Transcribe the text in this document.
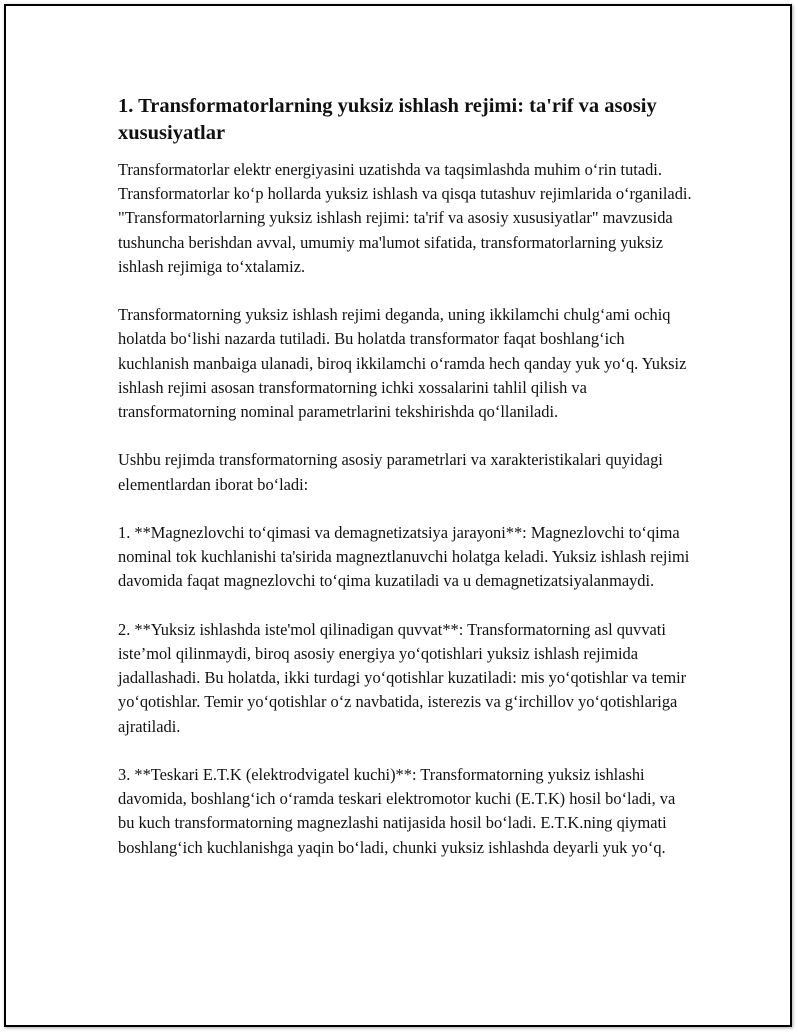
1. Transformatorlarning yuksiz ishlash rejimi: ta'rif va asosiy xususiyatlar

Transformatorlar elektr energiyasini uzatishda va taqsimlashda muhim o‘rin tutadi. Transformatorlar ko‘p hollarda yuksiz ishlash va qisqa tutashuv rejimlarida o‘rganiladi. "Transformatorlarning yuksiz ishlash rejimi: ta'rif va asosiy xususiyatlar" mavzusida tushuncha berishdan avval, umumiy ma'lumot sifatida, transformatorlarning yuksiz ishlash rejimiga to‘xtalamiz.

Transformatorning yuksiz ishlash rejimi deganda, uning ikkilamchi chulg‘ami ochiq holatda bo‘lishi nazarda tutiladi. Bu holatda transformator faqat boshlang‘ich kuchlanish manbaiga ulanadi, biroq ikkilamchi o‘ramda hech qanday yuk yo‘q. Yuksiz ishlash rejimi asosan transformatorning ichki xossalarini tahlil qilish va transformatorning nominal parametrlarini tekshirishda qo‘llaniladi.

Ushbu rejimda transformatorning asosiy parametrlari va xarakteristikalari quyidagi elementlardan iborat bo‘ladi:

1. **Magnezlovchi to‘qimasi va demagnetizatsiya jarayoni**: Magnezlovchi to‘qima nominal tok kuchlanishi ta'sirida magneztlanuvchi holatga keladi. Yuksiz ishlash rejimi davomida faqat magnezlovchi to‘qima kuzatiladi va u demagnetizatsiyalanmaydi.

2. **Yuksiz ishlashda iste'mol qilinadigan quvvat**: Transformatorning asl quvvati iste’mol qilinmaydi, biroq asosiy energiya yo‘qotishlari yuksiz ishlash rejimida jadallashadi. Bu holatda, ikki turdagi yo‘qotishlar kuzatiladi: mis yo‘qotishlar va temir yo‘qotishlar. Temir yo‘qotishlar o‘z navbatida, isterezis va g‘irchillov yo‘qotishlariga ajratiladi.

3. **Teskari E.T.K (elektrodvigatel kuchi)**: Transformatorning yuksiz ishlashi davomida, boshlang‘ich o‘ramda teskari elektromotor kuchi (E.T.K) hosil bo‘ladi, va bu kuch transformatorning magnezlashi natijasida hosil bo‘ladi. E.T.K.ning qiymati boshlang‘ich kuchlanishga yaqin bo‘ladi, chunki yuksiz ishlashda deyarli yuk yo‘q.
